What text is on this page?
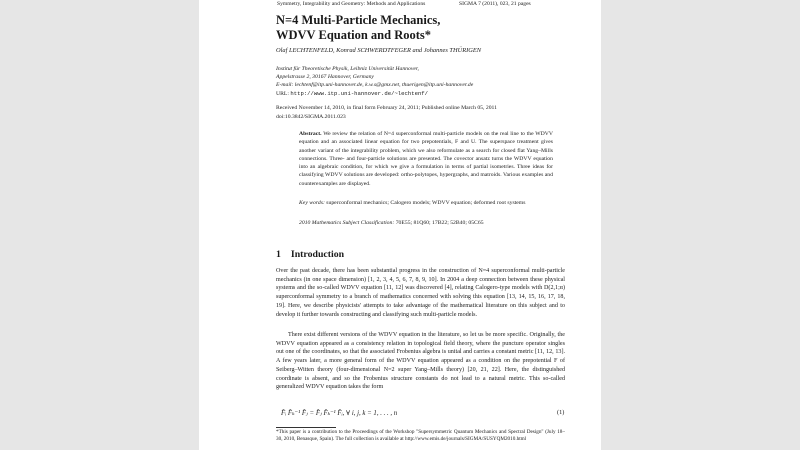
Symmetry, Integrability and Geometry: Methods and Applications	SIGMA 7 (2011), 023, 21 pages
N=4 Multi-Particle Mechanics,
WDVV Equation and Roots*
Olaf LECHTENFELD, Konrad SCHWERDTFEGER and Johannes THÜRIGEN
Institut für Theoretische Physik, Leibniz Universität Hannover,
Appelstrasse 2, 30167 Hannover, Germany
E-mail: lechtenf@itp.uni-hannover.de, k.w.s@gmx.net, thuerigen@itp.uni-hannover.de
URL: http://www.itp.uni-hannover.de/~lechtenf/
Received November 14, 2010, in final form February 24, 2011; Published online March 05, 2011
doi:10.3842/SIGMA.2011.023
Abstract. We review the relation of N=4 superconformal multi-particle models on the real line to the WDVV equation and an associated linear equation for two prepotentials, F and U. The superspace treatment gives another variant of the integrability problem, which we also reformulate as a search for closed flat Yang–Mills connections. Three- and four-particle solutions are presented. The covector ansatz turns the WDVV equation into an algebraic condition, for which we give a formulation in terms of partial isometries. Three ideas for classifying WDVV solutions are developed: ortho-polytopes, hypergraphs, and matroids. Various examples and counterexamples are displayed.
Key words: superconformal mechanics; Calogero models; WDVV equation; deformed root systems
2010 Mathematics Subject Classification: 70E55; 81Q60; 17B22; 52B40; 05C65
1 Introduction
Over the past decade, there has been substantial progress in the construction of N=4 superconformal multi-particle mechanics (in one space dimension) [1, 2, 3, 4, 5, 6, 7, 8, 9, 10]. In 2004 a deep connection between these physical systems and the so-called WDVV equation [11, 12] was discovered [4], relating Calogero-type models with D(2,1;α) superconformal symmetry to a branch of mathematics concerned with solving this equation [13, 14, 15, 16, 17, 18, 19]. Here, we describe physicists' attempts to take advantage of the mathematical literature on this subject and to develop it further towards constructing and classifying such multi-particle models.
There exist different versions of the WDVV equation in the literature, so let us be more specific. Originally, the WDVV equation appeared as a consistency relation in topological field theory, where the puncture operator singles out one of the coordinates, so that the associated Frobenius algebra is unital and carries a constant metric [11, 12, 13]. A few years later, a more general form of the WDVV equation appeared as a condition on the prepotential F of Seiberg–Witten theory (four-dimensional N=2 super Yang–Mills theory) [20, 21, 22]. Here, the distinguished coordinate is absent, and so the Frobenius structure constants do not lead to a natural metric. This so-called generalized WDVV equation takes the form
F̂ᵢ F̂ₖ⁻¹ F̂ⱼ = F̂ⱼ F̂ₖ⁻¹ F̂ᵢ, ∀ i, j, k = 1, . . . , n	(1)
*This paper is a contribution to the Proceedings of the Workshop "Supersymmetric Quantum Mechanics and Spectral Design" (July 18–30, 2010, Benasque, Spain). The full collection is available at http://www.emis.de/journals/SIGMA/SUSYQM2010.html
